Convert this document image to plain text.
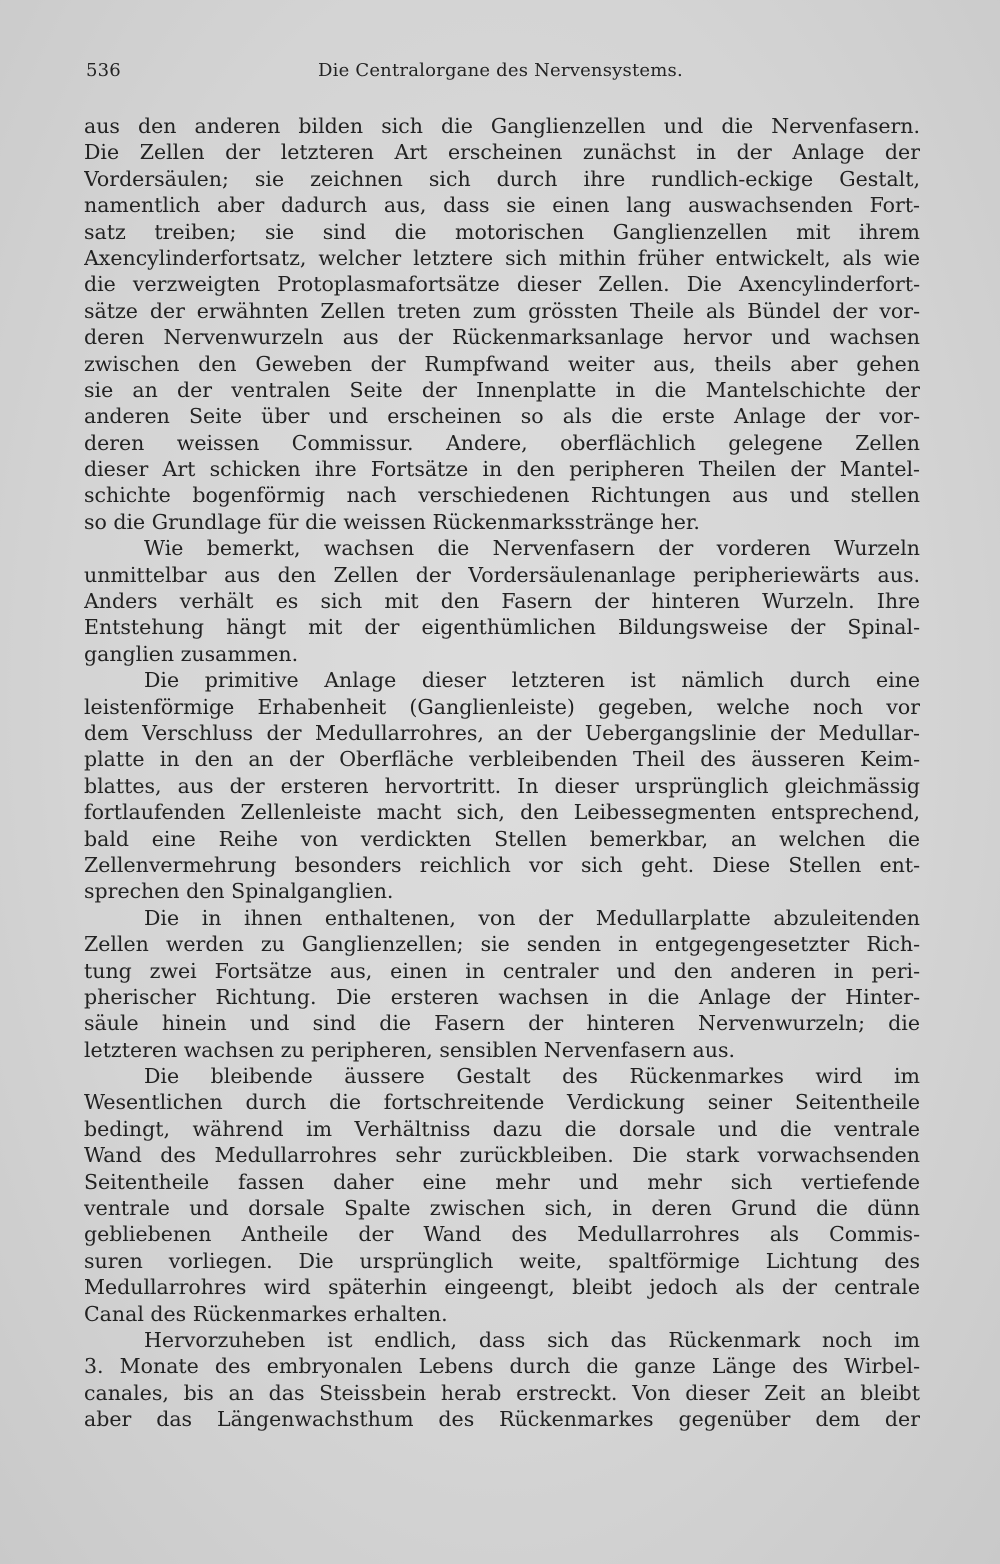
536	Die Centralorgane des Nervensystems.
aus den anderen bilden sich die Ganglienzellen und die Nervenfasern.
Die Zellen der letzteren Art erscheinen zunächst in der Anlage der
Vordersäulen; sie zeichnen sich durch ihre rundlich-eckige Gestalt,
namentlich aber dadurch aus, dass sie einen lang auswachsenden Fort-
satz treiben; sie sind die motorischen Ganglienzellen mit ihrem
Axencylinderfortsatz, welcher letztere sich mithin früher entwickelt, als wie
die verzweigten Protoplasmafortsätze dieser Zellen. Die Axencylinderfort-
sätze der erwähnten Zellen treten zum grössten Theile als Bündel der vor-
deren Nervenwurzeln aus der Rückenmarksanlage hervor und wachsen
zwischen den Geweben der Rumpfwand weiter aus, theils aber gehen
sie an der ventralen Seite der Innenplatte in die Mantelschichte der
anderen Seite über und erscheinen so als die erste Anlage der vor-
deren weissen Commissur. Andere, oberflächlich gelegene Zellen
dieser Art schicken ihre Fortsätze in den peripheren Theilen der Mantel-
schichte bogenförmig nach verschiedenen Richtungen aus und stellen
so die Grundlage für die weissen Rückenmarksstränge her.
Wie bemerkt, wachsen die Nervenfasern der vorderen Wurzeln
unmittelbar aus den Zellen der Vordersäulenanlage peripheriewärts aus.
Anders verhält es sich mit den Fasern der hinteren Wurzeln. Ihre
Entstehung hängt mit der eigenthümlichen Bildungsweise der Spinal-
ganglien zusammen.
Die primitive Anlage dieser letzteren ist nämlich durch eine
leistenförmige Erhabenheit (Ganglienleiste) gegeben, welche noch vor
dem Verschluss der Medullarrohres, an der Uebergangslinie der Medullar-
platte in den an der Oberfläche verbleibenden Theil des äusseren Keim-
blattes, aus der ersteren hervortritt. In dieser ursprünglich gleichmässig
fortlaufenden Zellenleiste macht sich, den Leibessegmenten entsprechend,
bald eine Reihe von verdickten Stellen bemerkbar, an welchen die
Zellenvermehrung besonders reichlich vor sich geht. Diese Stellen ent-
sprechen den Spinalganglien.
Die in ihnen enthaltenen, von der Medullarplatte abzuleitenden
Zellen werden zu Ganglienzellen; sie senden in entgegengesetzter Rich-
tung zwei Fortsätze aus, einen in centraler und den anderen in peri-
pherischer Richtung. Die ersteren wachsen in die Anlage der Hinter-
säule hinein und sind die Fasern der hinteren Nervenwurzeln; die
letzteren wachsen zu peripheren, sensiblen Nervenfasern aus.
Die bleibende äussere Gestalt des Rückenmarkes wird im
Wesentlichen durch die fortschreitende Verdickung seiner Seitentheile
bedingt, während im Verhältniss dazu die dorsale und die ventrale
Wand des Medullarrohres sehr zurückbleiben. Die stark vorwachsenden
Seitentheile fassen daher eine mehr und mehr sich vertiefende
ventrale und dorsale Spalte zwischen sich, in deren Grund die dünn
gebliebenen Antheile der Wand des Medullarrohres als Commis-
suren vorliegen. Die ursprünglich weite, spaltförmige Lichtung des
Medullarrohres wird späterhin eingeengt, bleibt jedoch als der centrale
Canal des Rückenmarkes erhalten.
Hervorzuheben ist endlich, dass sich das Rückenmark noch im
3. Monate des embryonalen Lebens durch die ganze Länge des Wirbel-
canales, bis an das Steissbein herab erstreckt. Von dieser Zeit an bleibt
aber das Längenwachsthum des Rückenmarkes gegenüber dem der
